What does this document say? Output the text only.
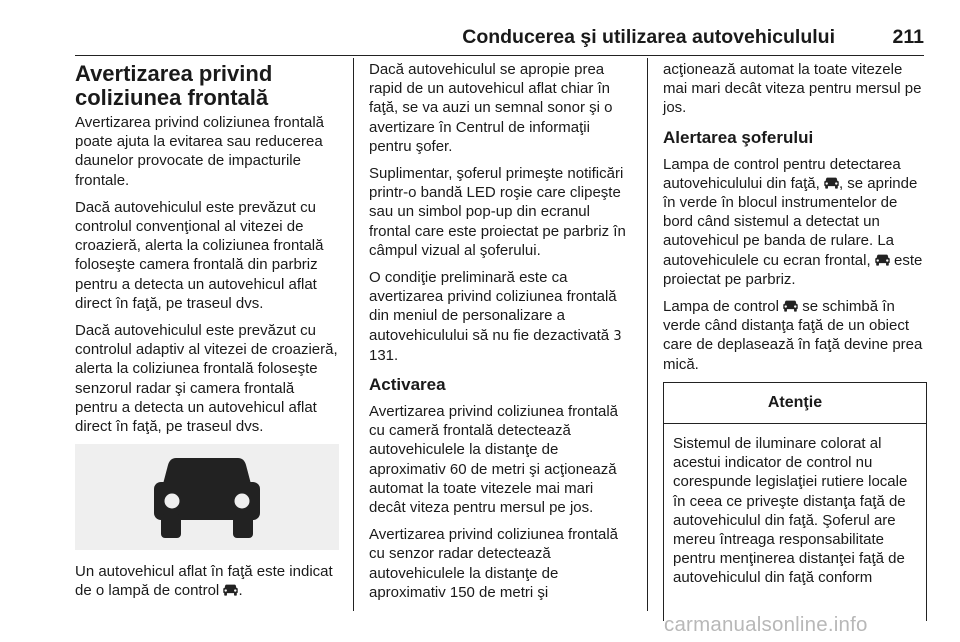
Conducerea şi utilizarea autovehiculului	211
Avertizarea privind coliziunea frontală

Avertizarea privind coliziunea frontală poate ajuta la evitarea sau reducerea daunelor provocate de impacturile frontale.

Dacă autovehiculul este prevăzut cu controlul convenţional al vitezei de croazieră, alerta la coliziunea frontală foloseşte camera frontală din parbriz pentru a detecta un autovehicul aflat direct în faţă, pe traseul dvs.

Dacă autovehiculul este prevăzut cu controlul adaptiv al vitezei de croazieră, alerta la coliziunea frontală foloseşte senzorul radar şi camera frontală pentru a detecta un autovehicul aflat direct în faţă, pe traseul dvs.

Un autovehicul aflat în faţă este indicat de o lampă de control .

Dacă autovehiculul se apropie prea rapid de un autovehicul aflat chiar în faţă, se va auzi un semnal sonor şi o avertizare în Centrul de informaţii pentru şofer.

Suplimentar, şoferul primeşte notificări printr-o bandă LED roşie care clipeşte sau un simbol pop-up din ecranul frontal care este proiectat pe parbriz în câmpul vizual al şoferului.

O condiţie preliminară este ca avertizarea privind coliziunea frontală din meniul de personalizare a autovehiculului să nu fie dezactivată 3 131.

Activarea

Avertizarea privind coliziunea frontală cu cameră frontală detectează autovehiculele la distanţe de aproximativ 60 de metri şi acţionează automat la toate vitezele mai mari decât viteza pentru mersul pe jos.

Avertizarea privind coliziunea frontală cu senzor radar detectează autovehiculele la distanţe de aproximativ 150 de metri şi

acţionează automat la toate vitezele mai mari decât viteza pentru mersul pe jos.

Alertarea şoferului

Lampa de control pentru detectarea autovehiculului din faţă, , se aprinde în verde în blocul instrumentelor de bord când sistemul a detectat un autovehicul pe banda de rulare. La autovehiculele cu ecran frontal, este proiectat pe parbriz.

Lampa de control se schimbă în verde când distanţa faţă de un obiect care de deplasează în faţă devine prea mică.

Atenţie
Sistemul de iluminare colorat al acestui indicator de control nu corespunde legislaţiei rutiere locale în ceea ce priveşte distanţa faţă de autovehiculul din faţă. Şoferul are mereu întreaga responsabilitate pentru menţinerea distanţei faţă de autovehiculul din faţă conform
carmanualsonline.info
